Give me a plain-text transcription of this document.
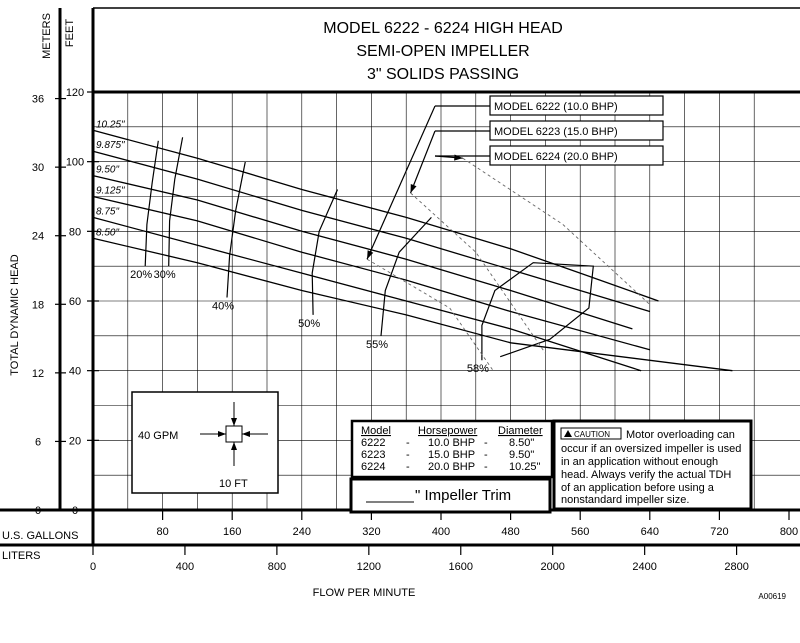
10.25"
9.875"
9.50"
9.125"
8.75"
8.50"
20% 30%
40%
50%
55%
58%
MODEL 6222 - 6224 HIGH HEAD
SEMI-OPEN IMPELLER
3" SOLIDS PASSING
METERS FEET
TOTAL DYNAMIC HEAD
U.S. GALLONS
LITERS
FLOW PER MINUTE	A00619
0
20
40
60
80
100
120
0
6
12
18
24
30
36
80	160	240	320	400	480	560	640	720	800
0	400	800	1200	1600	2000	2400	2800
MODEL 6222 (10.0 BHP)
MODEL 6223 (15.0 BHP)
MODEL 6224 (20.0 BHP)
40 GPM
10 FT
Model Horsepower Diameter
6222 - 10.0 BHP - 8.50"
6223 - 15.0 BHP - 9.50"
6224 - 20.0 BHP - 10.25"
" Impeller Trim
CAUTION Motor overloading can
occur if an oversized impeller is used
in an application without enough
head. Always verify the actual TDH
of an application before using a
nonstandard impeller size.
